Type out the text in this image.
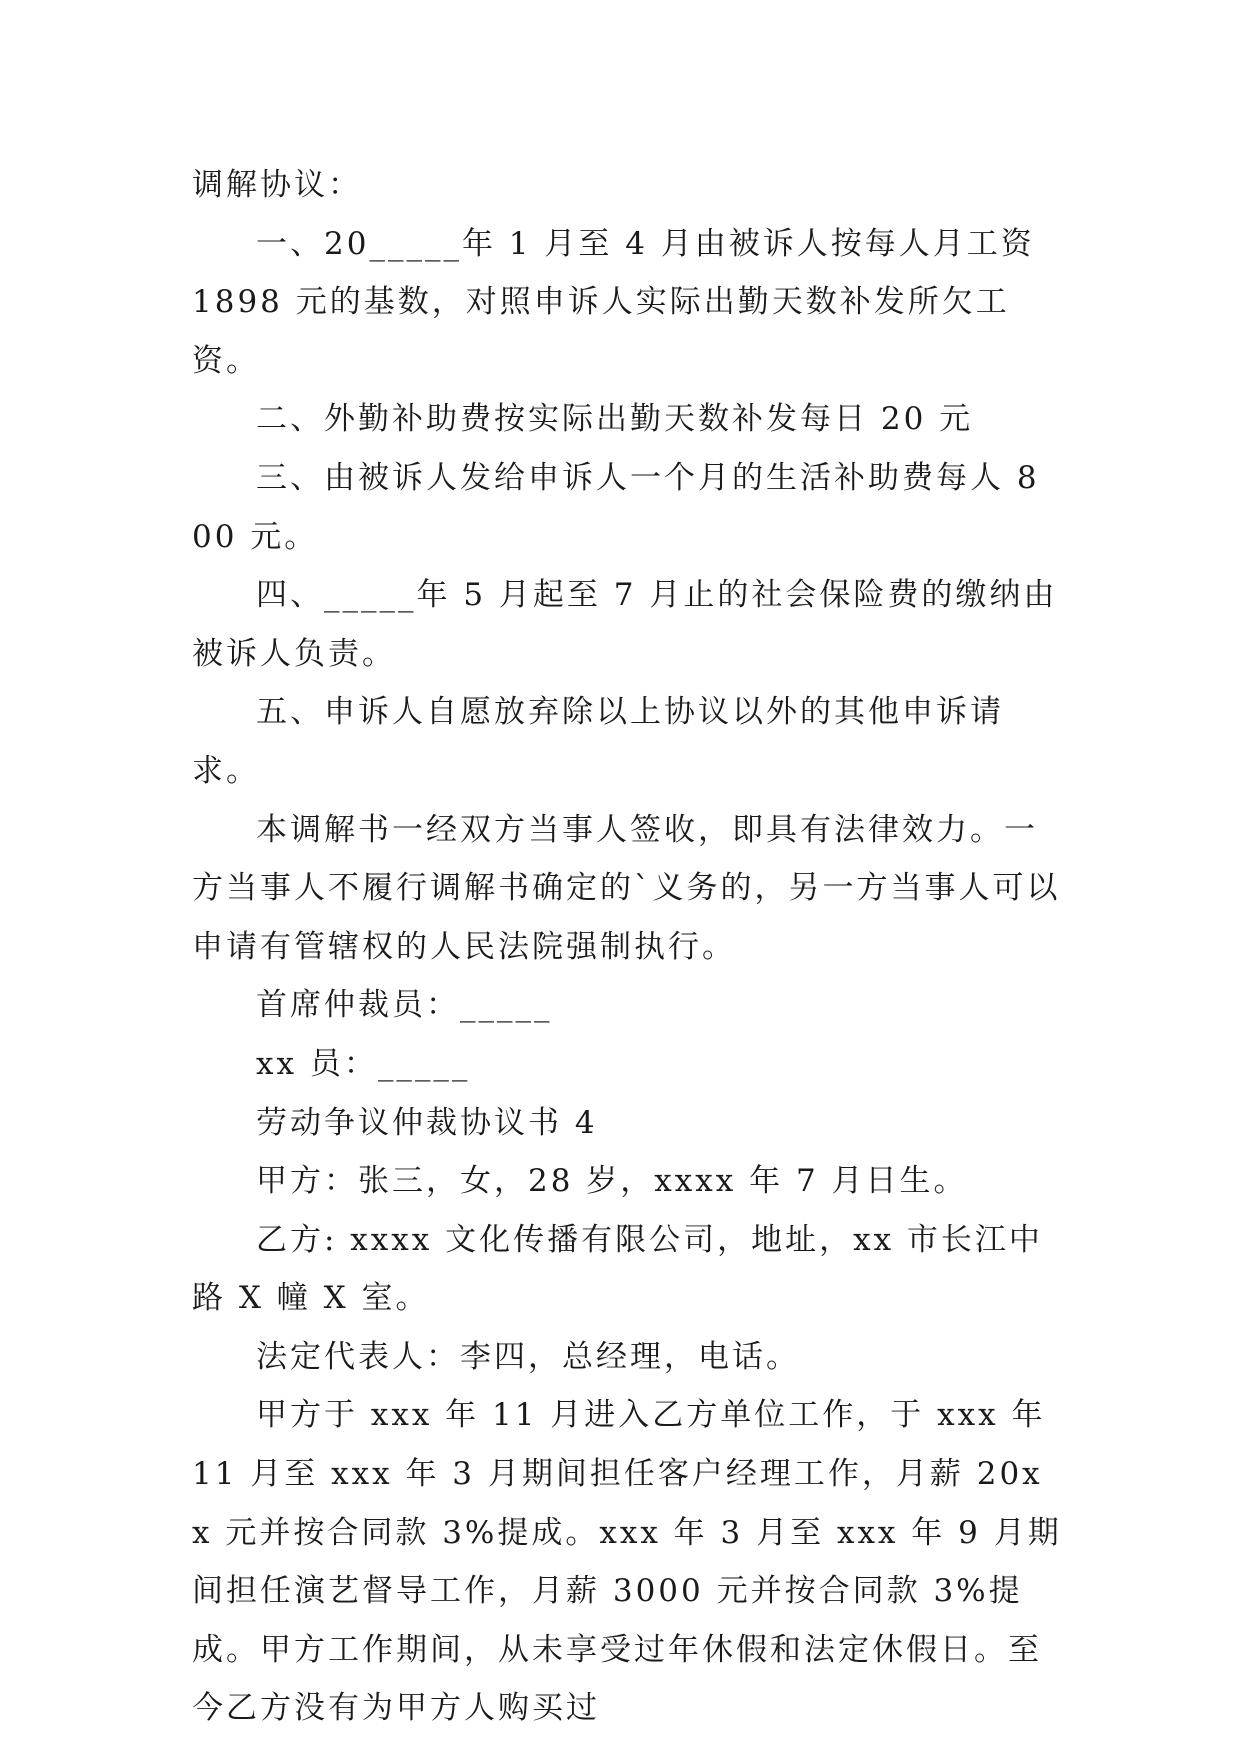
调解协议：

一、20_____年 1 月至 4 月由被诉人按每人月工资 1898 元的基数，对照申诉人实际出勤天数补发所欠工资。

二、外勤补助费按实际出勤天数补发每日 20 元

三、由被诉人发给申诉人一个月的生活补助费每人 800 元。

四、_____年 5 月起至 7 月止的社会保险费的缴纳由被诉人负责。

五、申诉人自愿放弃除以上协议以外的其他申诉请求。

本调解书一经双方当事人签收，即具有法律效力。一方当事人不履行调解书确定的`义务的，另一方当事人可以申请有管辖权的人民法院强制执行。

首席仲裁员：_____

xx 员：_____

劳动争议仲裁协议书 4

甲方：张三，女，28 岁，xxxx 年 7 月日生。

乙方: xxxx 文化传播有限公司，地址，xx 市长江中路 X 幢 X 室。

法定代表人：李四，总经理，电话。

甲方于 xxx 年 11 月进入乙方单位工作，于 xxx 年 11 月至 xxx 年 3 月期间担任客户经理工作，月薪 20xx 元并按合同款 3%提成。xxx 年 3 月至 xxx 年 9 月期间担任演艺督导工作，月薪 3000 元并按合同款 3%提成。甲方工作期间，从未享受过年休假和法定休假日。至今乙方没有为甲方人购买过
